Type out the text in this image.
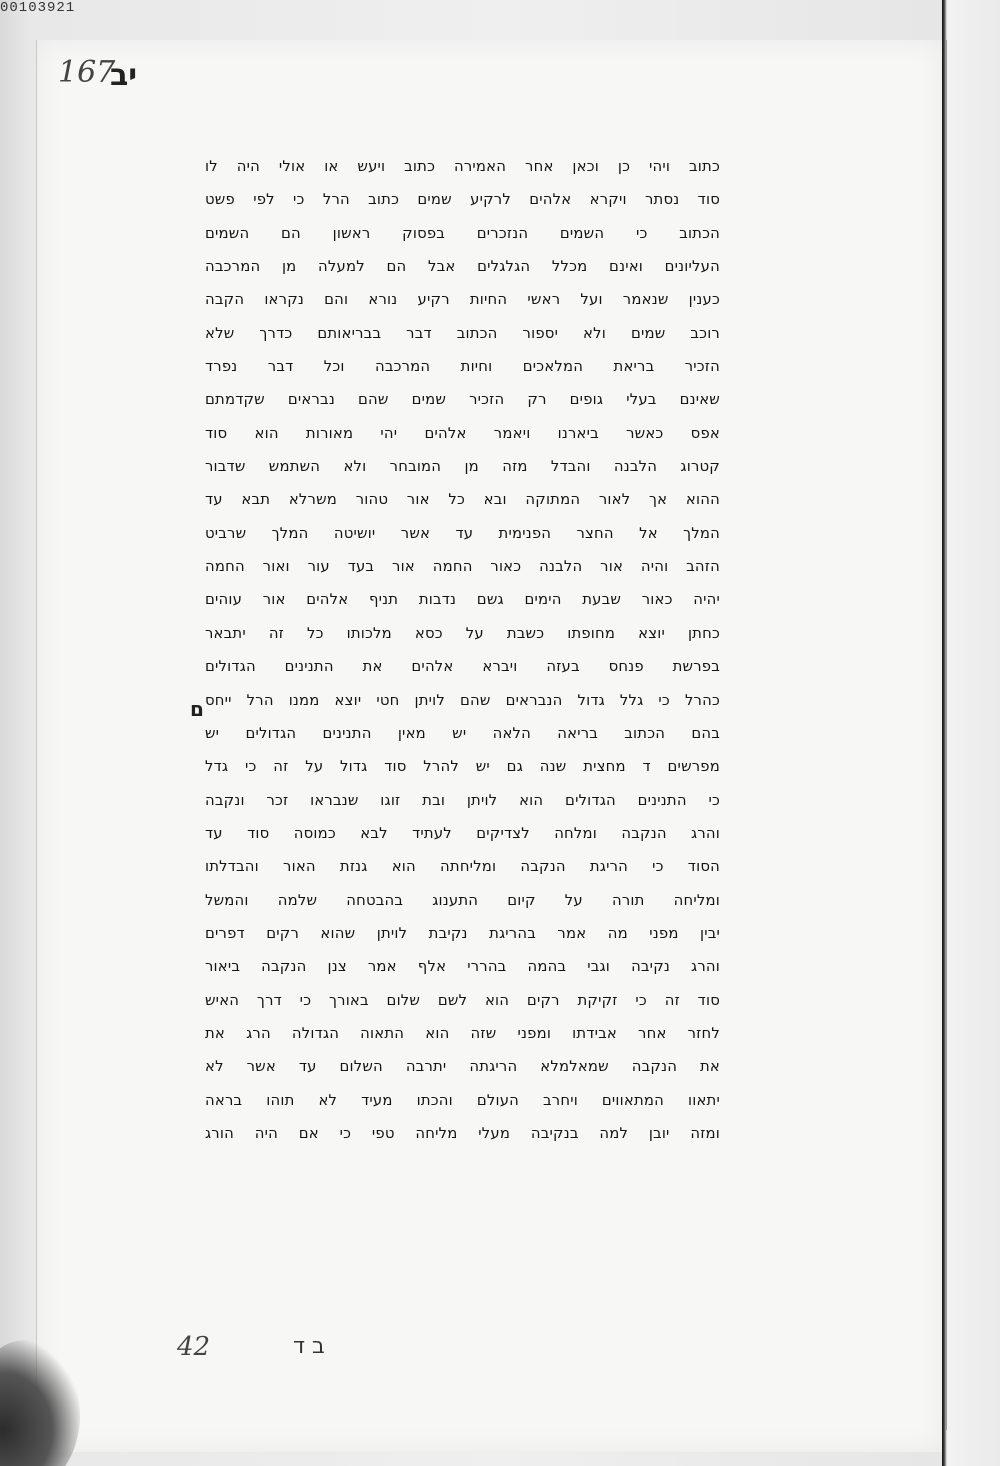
00103921
167
יב
כתוב ויהי כן וכאן אחר האמירה כתוב ויעש או אולי היה לו
סוד נסתר ויקרא אלהים לרקיע שמים כתוב הרל כי לפי פשט
הכתוב כי השמים הנזכרים בפסוק ראשון הם השמים
העליונים ואינם מכלל הגלגלים אבל הם למעלה מן המרכבה
כענין שנאמר ועל ראשי החיות רקיע נורא והם נקראו הקבה
רוכב שמים ולא יספור הכתוב דבר בבריאותם כדרך שלא
הזכיר בריאת המלאכים וחיות המרכבה וכל דבר נפרד
שאינם בעלי גופים רק הזכיר שמים שהם נבראים שקדמתם
אפס כאשר ביארנו ויאמר אלהים יהי מאורות הוא סוד
קטרוג הלבנה והבדל מזה מן המובחר ולא השתמש שדבור
ההוא אך לאור המתוקה ובא כל אור טהור משרלא תבא עד
המלך אל החצר הפנימית עד אשר יושיטה המלך שרביט
הזהב והיה אור הלבנה כאור החמה אור בעד עור ואור החמה
יהיה כאור שבעת הימים גשם נדבות תניף אלהים אור עוהים
כחתן יוצא מחופתו כשבת על כסא מלכותו כל זה יתבאר
בפרשת פנחס בעזה ויברא אלהים את התנינים הגדולים
כהרל כי גלל גדול הנבראים שהם לויתן חטי יוצא ממנו הרל ייחס
בהם הכתוב בריאה הלאה יש מאין התנינים הגדולים יש
מפרשים ד מחצית שנה גם יש להרל סוד גדול על זה כי גדל
כי התנינים הגדולים הוא לויתן ובת זוגו שנבראו זכר ונקבה
והרג הנקבה ומלחה לצדיקים לעתיד לבא כמוסה סוד עד
הסוד כי הריגת הנקבה ומליחתה הוא גנזת האור והבדלתו
ומליחה תורה על קיום התענוג בהבטחה שלמה והמשל
יבין מפני מה אמר בהריגת נקיבת לויתן שהוא רקים דפרים
והרג נקיבה וגבי בהמה בהררי אלף אמר צנן הנקבה ביאור
סוד זה כי זקיקת רקים הוא לשם שלום באורך כי דרך האיש
לחזר אחר אבידתו ומפני שזה הוא התאוה הגדולה הרג את
את הנקבה שמאלמלא הריגתה יתרבה השלום עד אשר לא
יתאוו המתאווים ויחרב העולם והכתו מעיד לא תוהו בראה
ומזה יובן למה בנקיבה מעלי מליחה טפי כי אם היה הורג
ם
42	ב ד
